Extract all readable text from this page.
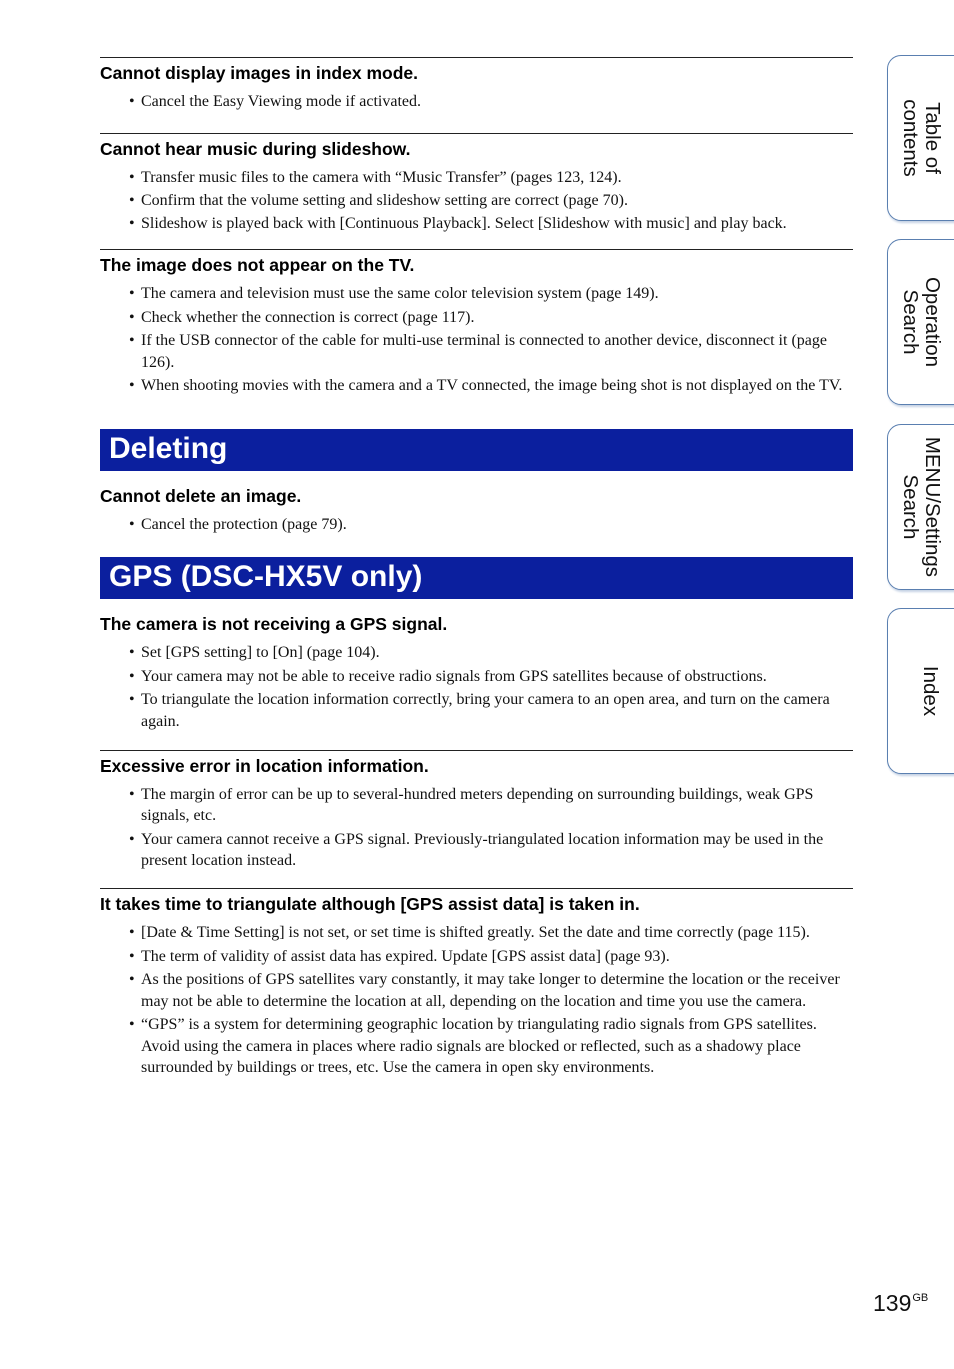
Cannot display images in index mode.
• Cancel the Easy Viewing mode if activated.
Cannot hear music during slideshow.
• Transfer music files to the camera with “Music Transfer” (pages 123, 124).
• Confirm that the volume setting and slideshow setting are correct (page 70).
• Slideshow is played back with [Continuous Playback]. Select [Slideshow with music] and play back.
The image does not appear on the TV.
• The camera and television must use the same color television system (page 149).
• Check whether the connection is correct (page 117).
• If the USB connector of the cable for multi-use terminal is connected to another device, disconnect it (page 126).
• When shooting movies with the camera and a TV connected, the image being shot is not displayed on the TV.
Deleting
Cannot delete an image.
• Cancel the protection (page 79).
GPS (DSC-HX5V only)
The camera is not receiving a GPS signal.
• Set [GPS setting] to [On] (page 104).
• Your camera may not be able to receive radio signals from GPS satellites because of obstructions.
• To triangulate the location information correctly, bring your camera to an open area, and turn on the camera again.
Excessive error in location information.
• The margin of error can be up to several-hundred meters depending on surrounding buildings, weak GPS signals, etc.
• Your camera cannot receive a GPS signal. Previously-triangulated location information may be used in the present location instead.
It takes time to triangulate although [GPS assist data] is taken in.
• [Date & Time Setting] is not set, or set time is shifted greatly. Set the date and time correctly (page 115).
• The term of validity of assist data has expired. Update [GPS assist data] (page 93).
• As the positions of GPS satellites vary constantly, it may take longer to determine the location or the receiver may not be able to determine the location at all, depending on the location and time you use the camera.
• “GPS” is a system for determining geographic location by triangulating radio signals from GPS satellites. Avoid using the camera in places where radio signals are blocked or reflected, such as a shadowy place surrounded by buildings or trees, etc. Use the camera in open sky environments.
Table of
contents
Operation
Search
MENU/Settings
Search
Index
$139^{GB}$
